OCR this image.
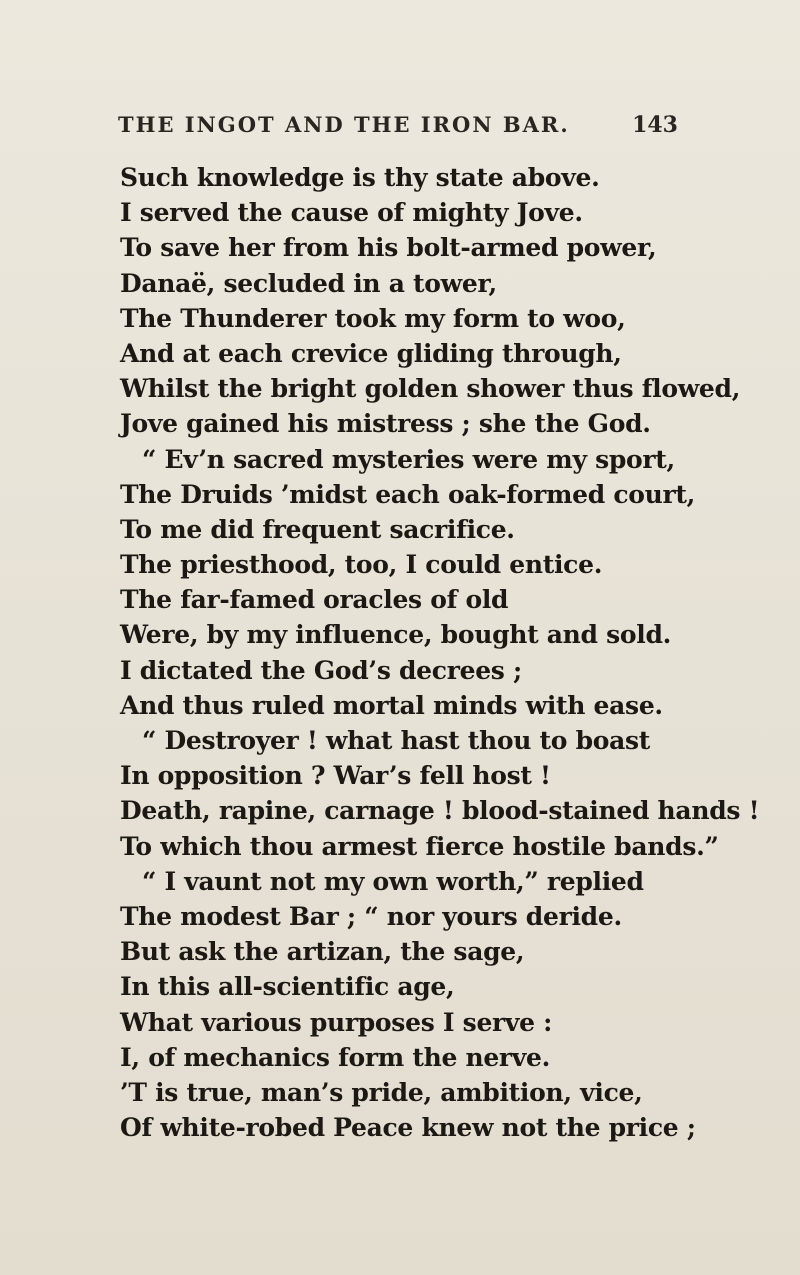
THE INGOT AND THE IRON BAR.	143
Such knowledge is thy state above.
I served the cause of mighty Jove.
To save her from his bolt-armed power,
Danaë, secluded in a tower,
The Thunderer took my form to woo,
And at each crevice gliding through,
Whilst the bright golden shower thus flowed,
Jove gained his mistress ; she the God.
“ Ev’n sacred mysteries were my sport,
The Druids ’midst each oak-formed court,
To me did frequent sacrifice.
The priesthood, too, I could entice.
The far-famed oracles of old
Were, by my influence, bought and sold.
I dictated the God’s decrees ;
And thus ruled mortal minds with ease.
“ Destroyer ! what hast thou to boast
In opposition ? War’s fell host !
Death, rapine, carnage ! blood-stained hands !
To which thou armest fierce hostile bands.”
“ I vaunt not my own worth,” replied
The modest Bar ; “ nor yours deride.
But ask the artizan, the sage,
In this all-scientific age,
What various purposes I serve :
I, of mechanics form the nerve.
’T is true, man’s pride, ambition, vice,
Of white-robed Peace knew not the price ;
